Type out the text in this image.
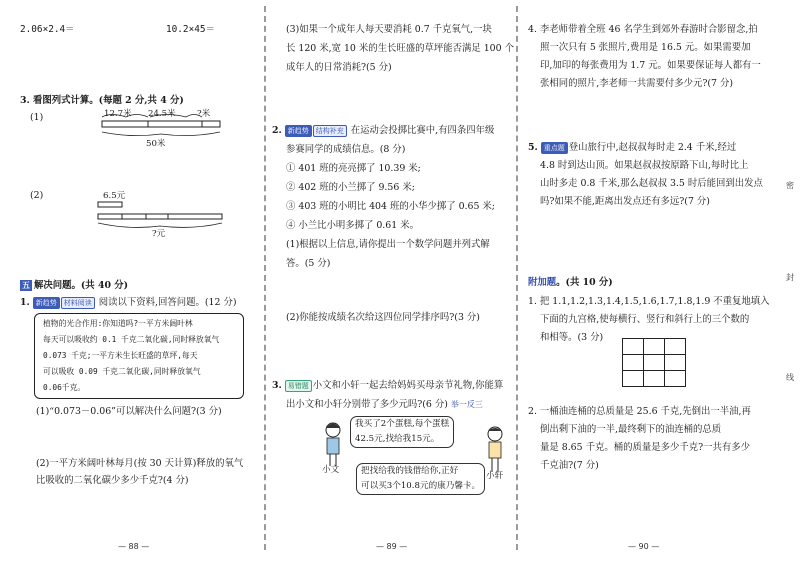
2.06×2.4＝	10.2×45＝
3. 看图列式计算。(每题 2 分,共 4 分)
(1)	12.7米 24.5米 ?米
50米
(2)	6.5元
?元
五 解决问题。(共 40 分)
1. 新趋势 材料阅读 阅读以下资料,回答问题。(12 分)
植物的光合作用:你知道吗?一平方米阔叶林
每天可以吸收约 0.1 千克二氧化碳,同时释放氧气
0.073 千克;一平方米生长旺盛的草坪,每天
可以吸收 0.09 千克二氧化碳,同时释放氧气
0.06千克。
(1)“0.073－0.06”可以解决什么问题?(3 分)
(2)一平方米阔叶林每月(按 30 天计算)释放的氧气
比吸收的二氧化碳少多少千克?(4 分)
— 88 —
(3)如果一个成年人每天要消耗 0.7 千克氧气,一块
长 120 米,宽 10 米的生长旺盛的草坪能否满足 100 个
成年人的日常消耗?(5 分)
2. 新趋势 结构补充 在运动会投掷比赛中,有四条四年级
参赛同学的成绩信息。(8 分)
① 401 班的亮亮掷了 10.39 米;
② 402 班的小兰掷了 9.56 米;
③ 403 班的小明比 404 班的小华少掷了 0.65 米;
④ 小兰比小明多掷了 0.61 米。
(1)根据以上信息,请你提出一个数学问题并列式解
答。(5 分)
(2)你能按成绩名次给这四位同学排序吗?(3 分)
3. 易错题 小文和小轩一起去给妈妈买母亲节礼物,你能算
出小文和小轩分别带了多少元吗?(6 分) 举一反三
小文
我买了2个蛋糕,每个蛋糕
42.5元,找给我15元。
把找给我的钱借给你,正好
可以买3个10.8元的康乃馨卡。
小轩
— 89 —
4. 李老师带着全班 46 名学生到郊外春游时合影留念,拍
照一次只有 5 张照片,费用是 16.5 元。如果需要加
印,加印的每张费用为 1.7 元。如果要保证每人都有一
张相同的照片,李老师一共需要付多少元?(7 分)
5. 重点题 登山旅行中,赵叔叔每时走 2.4 千米,经过
4.8 时到达山顶。如果赵叔叔按原路下山,每时比上
山时多走 0.8 千米,那么赵叔叔 3.5 时后能回到出发点
吗?如果不能,距离出发点还有多远?(7 分)
附加题。(共 10 分)
1. 把 1.1,1.2,1.3,1.4,1.5,1.6,1.7,1.8,1.9 不重复地填入
下面的九宫格,使每横行、竖行和斜行上的三个数的
和相等。(3 分)

2. 一桶油连桶的总质量是 25.6 千克,先倒出一半油,再
倒出剩下油的一半,最终剩下的油连桶的总质
量是 8.65 千克。桶的质量是多少千克?一共有多少
千克油?(7 分)
— 90 —
密
封
线
